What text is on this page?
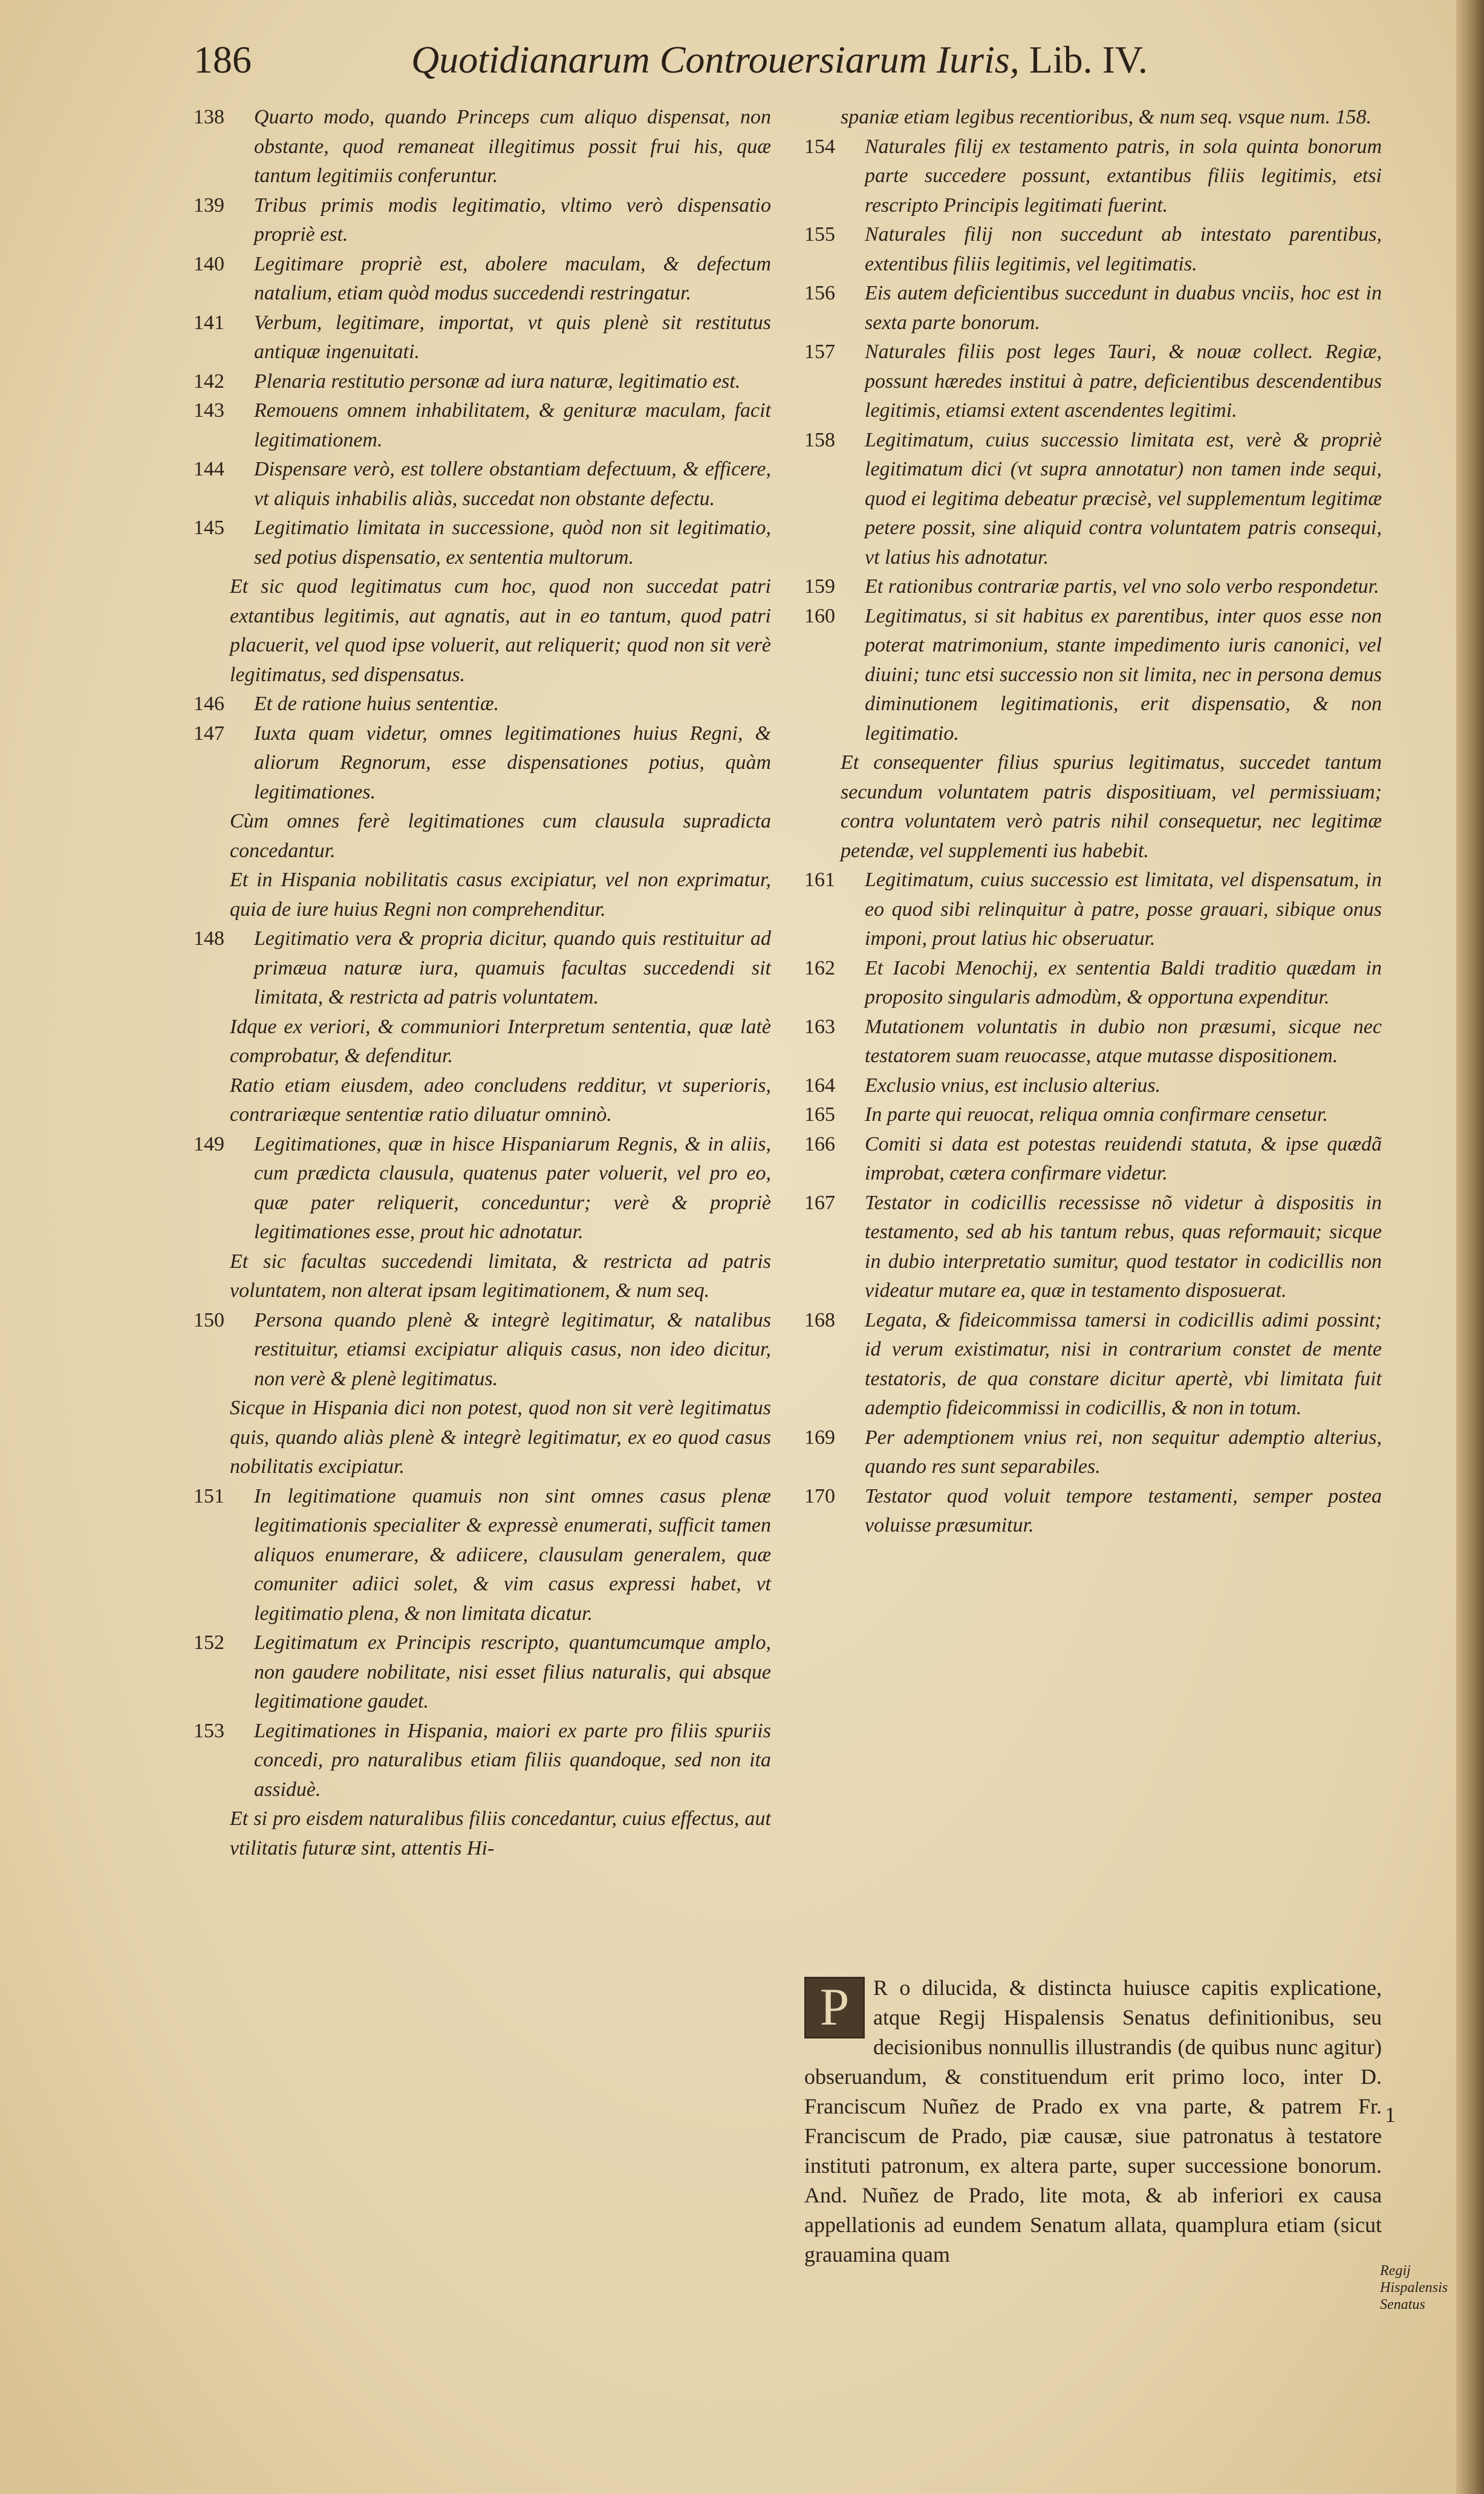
186	Quotidianarum Controuersiarum Iuris, Lib. IV.
138	Quarto modo, quando Princeps cum aliquo dispensat, non obstante, quod remaneat illegitimus possit frui his, quæ tantum legitimiis conferuntur.
139	Tribus primis modis legitimatio, vltimo verò dispensatio propriè est.
140	Legitimare propriè est, abolere maculam, & defectum natalium, etiam quòd modus succedendi restringatur.
141	Verbum, legitimare, importat, vt quis plenè sit restitutus antiquæ ingenuitati.
142	Plenaria restitutio personæ ad iura naturæ, legitimatio est.
143	Remouens omnem inhabilitatem, & genituræ maculam, facit legitimationem.
144	Dispensare verò, est tollere obstantiam defectuum, & efficere, vt aliquis inhabilis aliàs, succedat non obstante defectu.
145	Legitimatio limitata in successione, quòd non sit legitimatio, sed potius dispensatio, ex sententia multorum.
Et sic quod legitimatus cum hoc, quod non succedat patri extantibus legitimis, aut agnatis, aut in eo tantum, quod patri placuerit, vel quod ipse voluerit, aut reliquerit; quod non sit verè legitimatus, sed dispensatus.
146	Et de ratione huius sententiæ.
147	Iuxta quam videtur, omnes legitimationes huius Regni, & aliorum Regnorum, esse dispensationes potius, quàm legitimationes.
Cùm omnes ferè legitimationes cum clausula supradicta concedantur.
Et in Hispania nobilitatis casus excipiatur, vel non exprimatur, quia de iure huius Regni non comprehenditur.
148	Legitimatio vera & propria dicitur, quando quis restituitur ad primæua naturæ iura, quamuis facultas succedendi sit limitata, & restricta ad patris voluntatem.
Idque ex veriori, & communiori Interpretum sententia, quæ latè comprobatur, & defenditur.
Ratio etiam eiusdem, adeo concludens redditur, vt superioris, contrariæque sententiæ ratio diluatur omninò.
149	Legitimationes, quæ in hisce Hispaniarum Regnis, & in aliis, cum prædicta clausula, quatenus pater voluerit, vel pro eo, quæ pater reliquerit, conceduntur; verè & propriè legitimationes esse, prout hic adnotatur.
Et sic facultas succedendi limitata, & restricta ad patris voluntatem, non alterat ipsam legitimationem, & num seq.
150	Persona quando plenè & integrè legitimatur, & natalibus restituitur, etiamsi excipiatur aliquis casus, non ideo dicitur, non verè & plenè legitimatus.
Sicque in Hispania dici non potest, quod non sit verè legitimatus quis, quando aliàs plenè & integrè legitimatur, ex eo quod casus nobilitatis excipiatur.
151	In legitimatione quamuis non sint omnes casus plenæ legitimationis specialiter & expressè enumerati, sufficit tamen aliquos enumerare, & adiicere, clausulam generalem, quæ comuniter adiici solet, & vim casus expressi habet, vt legitimatio plena, & non limitata dicatur.
152	Legitimatum ex Principis rescripto, quantumcumque amplo, non gaudere nobilitate, nisi esset filius naturalis, qui absque legitimatione gaudet.
153	Legitimationes in Hispania, maiori ex parte pro filiis spuriis concedi, pro naturalibus etiam filiis quandoque, sed non ita assiduè.
Et si pro eisdem naturalibus filiis concedantur, cuius effectus, aut vtilitatis futuræ sint, attentis Hi-
spaniæ etiam legibus recentioribus, & num seq. vsque num. 158.
154	Naturales filij ex testamento patris, in sola quinta bonorum parte succedere possunt, extantibus filiis legitimis, etsi rescripto Principis legitimati fuerint.
155	Naturales filij non succedunt ab intestato parentibus, extentibus filiis legitimis, vel legitimatis.
156	Eis autem deficientibus succedunt in duabus vnciis, hoc est in sexta parte bonorum.
157	Naturales filiis post leges Tauri, & nouæ collect. Regiæ, possunt hæredes institui à patre, deficientibus descendentibus legitimis, etiamsi extent ascendentes legitimi.
158	Legitimatum, cuius successio limitata est, verè & propriè legitimatum dici (vt supra annotatur) non tamen inde sequi, quod ei legitima debeatur præcisè, vel supplementum legitimæ petere possit, sine aliquid contra voluntatem patris consequi, vt latius his adnotatur.
159	Et rationibus contrariæ partis, vel vno solo verbo respondetur.
160	Legitimatus, si sit habitus ex parentibus, inter quos esse non poterat matrimonium, stante impedimento iuris canonici, vel diuini; tunc etsi successio non sit limita, nec in persona demus diminutionem legitimationis, erit dispensatio, & non legitimatio.
Et consequenter filius spurius legitimatus, succedet tantum secundum voluntatem patris dispositiuam, vel permissiuam; contra voluntatem verò patris nihil consequetur, nec legitimæ petendæ, vel supplementi ius habebit.
161	Legitimatum, cuius successio est limitata, vel dispensatum, in eo quod sibi relinquitur à patre, posse grauari, sibique onus imponi, prout latius hic obseruatur.
162	Et Iacobi Menochij, ex sententia Baldi traditio quædam in proposito singularis admodùm, & opportuna expenditur.
163	Mutationem voluntatis in dubio non præsumi, sicque nec testatorem suam reuocasse, atque mutasse dispositionem.
164	Exclusio vnius, est inclusio alterius.
165	In parte qui reuocat, reliqua omnia confirmare censetur.
166	Comiti si data est potestas reuidendi statuta, & ipse quædã improbat, cætera confirmare videtur.
167	Testator in codicillis recessisse nõ videtur à dispositis in testamento, sed ab his tantum rebus, quas reformauit; sicque in dubio interpretatio sumitur, quod testator in codicillis non videatur mutare ea, quæ in testamento disposuerat.
168	Legata, & fideicommissa tamersi in codicillis adimi possint; id verum existimatur, nisi in contrarium constet de mente testatoris, de qua constare dicitur apertè, vbi limitata fuit ademptio fideicommissi in codicillis, & non in totum.
169	Per ademptionem vnius rei, non sequitur ademptio alterius, quando res sunt separabiles.
170	Testator quod voluit tempore testamenti, semper postea voluisse præsumitur.
P	R o dilucida, & distincta huiusce capitis explicatione, atque Regij Hispalensis Senatus definitionibus, seu decisionibus nonnullis illustrandis (de quibus nunc agitur) obseruandum, & constituendum erit primo loco, inter D. Franciscum Nuñez de Prado ex vna parte, & patrem Fr. Franciscum de Prado, piæ causæ, siue patronatus à testatore instituti patronum, ex altera parte, super successione bonorum. And. Nuñez de Prado, lite mota, & ab inferiori ex causa appellationis ad eundem Senatum allata, quamplura etiam (sicut grauamina quam
1
Regij Hispalensis Senatus
